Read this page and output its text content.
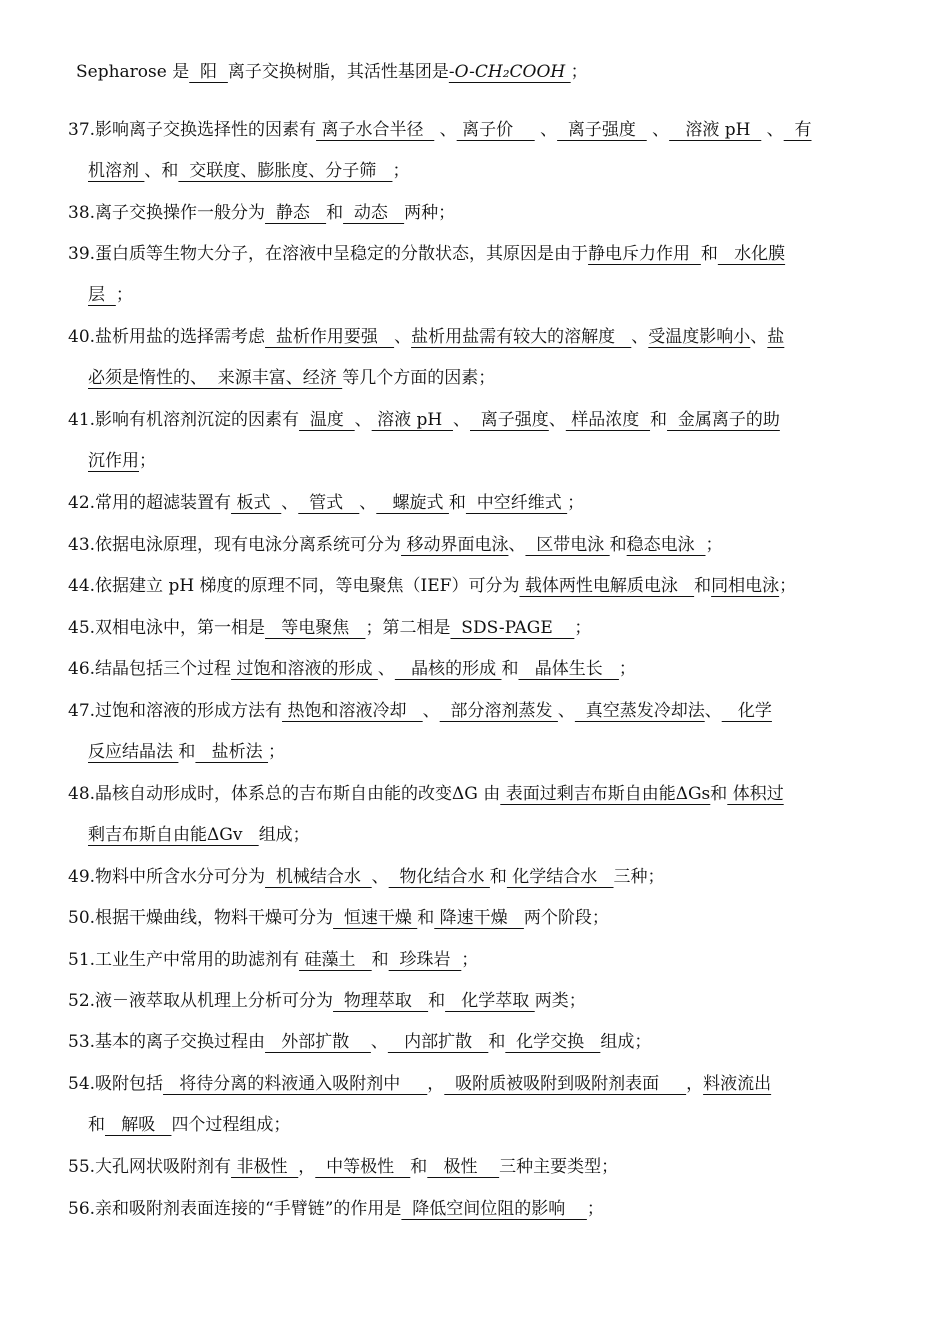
Sepharose 是  阳  离子交换树脂，其活性基团是-O-CH₂COOH ；
37.影响离子交换选择性的因素有 离子水合半径   、 离子价     、  离子强度   、   溶液 pH   、  有
机溶剂 、和  交联度、膨胀度、分子筛   ；
38.离子交换操作一般分为  静态   和  动态   两种；
39.蛋白质等生物大分子，在溶液中呈稳定的分散状态，其原因是由于静电斥力作用  和   水化膜
层  ；
40.盐析用盐的选择需考虑  盐析作用要强   、盐析用盐需有较大的溶解度   、受温度影响小、盐
必须是惰性的、  来源丰富、经济 等几个方面的因素；
41.影响有机溶剂沉淀的因素有  温度  、 溶液 pH  、  离子强度、 样品浓度  和  金属离子的助
沉作用；
42.常用的超滤装置有 板式  、  管式   、   螺旋式 和  中空纤维式 ；
43.依据电泳原理，现有电泳分离系统可分为 移动界面电泳、  区带电泳 和稳态电泳  ；
44.依据建立 pH 梯度的原理不同，等电聚焦（IEF）可分为 载体两性电解质电泳   和同相电泳；
45.双相电泳中，第一相是   等电聚焦   ；第二相是  SDS-PAGE    ；
46.结晶包括三个过程 过饱和溶液的形成 、   晶核的形成 和   晶体生长   ；
47.过饱和溶液的形成方法有 热饱和溶液冷却   、  部分溶剂蒸发 、  真空蒸发冷却法、   化学
反应结晶法 和   盐析法 ；
48.晶核自动形成时，体系总的吉布斯自由能的改变ΔG 由 表面过剩吉布斯自由能ΔGs和 体积过
剩吉布斯自由能ΔGv   组成；
49.物料中所含水分可分为  机械结合水  、  物化结合水 和 化学结合水   三种；
50.根据干燥曲线，物料干燥可分为  恒速干燥 和 降速干燥   两个阶段；
51.工业生产中常用的助滤剂有 硅藻土   和  珍珠岩  ；
52.液－液萃取从机理上分析可分为  物理萃取   和   化学萃取 两类；
53.基本的离子交换过程由   外部扩散    、   内部扩散   和  化学交换   组成；
54.吸附包括   将待分离的料液通入吸附剂中     ，  吸附质被吸附到吸附剂表面     ，料液流出
和   解吸   四个过程组成；
55.大孔网状吸附剂有 非极性  ，  中等极性   和   极性    三种主要类型；
56.亲和吸附剂表面连接的“手臂链”的作用是  降低空间位阻的影响    ；
